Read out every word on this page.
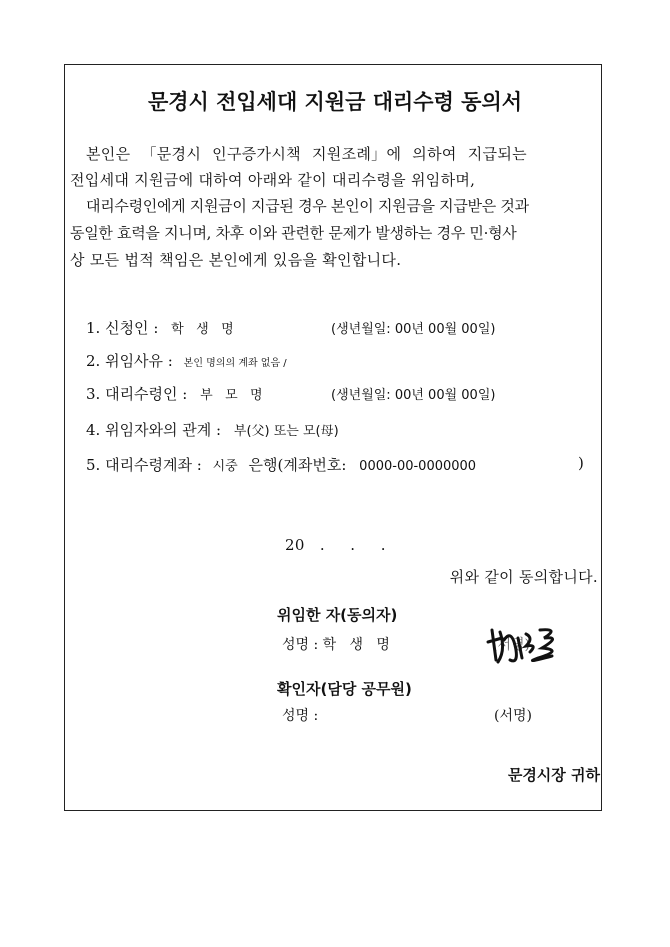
문경시 전입세대 지원금 대리수령 동의서
본인은 「문경시 인구증가시책 지원조례」에 의하여 지급되는
전입세대 지원금에 대하여 아래와 같이 대리수령을 위임하며,
대리수령인에게 지원금이 지급된 경우 본인이 지원금을 지급받은 것과
동일한 효력을 지니며, 차후 이와 관련한 문제가 발생하는 경우 민·형사
상 모든 법적 책임은 본인에게 있음을 확인합니다.
1. 신청인 : 학   생   명	(생년월일: 00년 00월 00일)
2. 위임사유 : 본인 명의의 계좌 없음 /
3. 대리수령인 : 부   모   명	(생년월일: 00년 00월 00일)
4. 위임자와의 관계 : 부(父) 또는 모(母)
5. 대리수령계좌 : 시중 은행(계좌번호: 0000-00-0000000	)
20   .     .     .
위와 같이 동의합니다.
위임한 자(동의자)
성명 : 학   생   명	(서명)
확인자(담당 공무원)
성명 :	(서명)
문경시장 귀하
